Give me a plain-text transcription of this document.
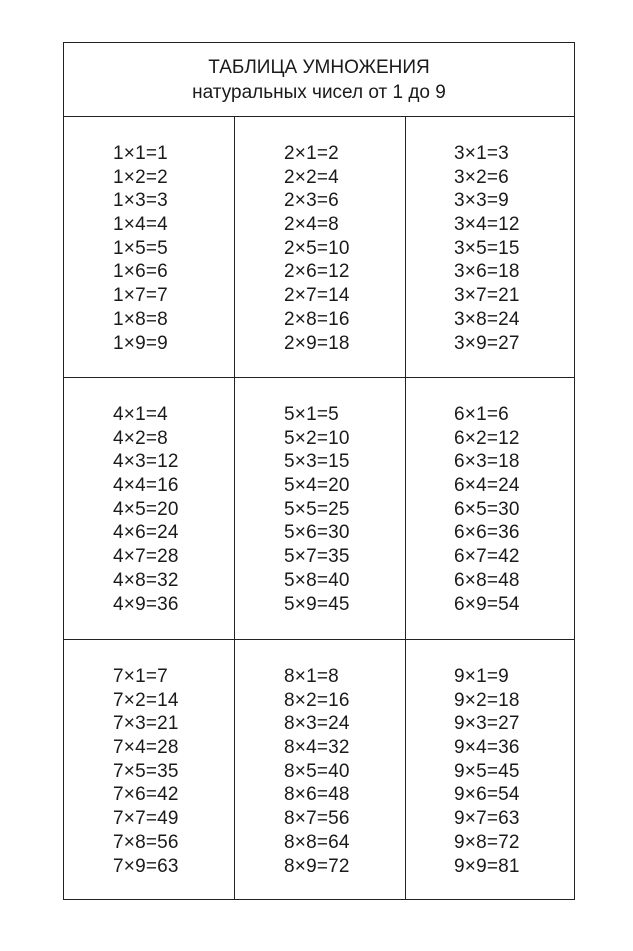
ТАБЛИЦА УМНОЖЕНИЯ
натуральных чисел от 1 до 9
1×1=1
1×2=2
1×3=3
1×4=4
1×5=5
1×6=6
1×7=7
1×8=8
1×9=9
2×1=2
2×2=4
2×3=6
2×4=8
2×5=10
2×6=12
2×7=14
2×8=16
2×9=18
3×1=3
3×2=6
3×3=9
3×4=12
3×5=15
3×6=18
3×7=21
3×8=24
3×9=27
4×1=4
4×2=8
4×3=12
4×4=16
4×5=20
4×6=24
4×7=28
4×8=32
4×9=36
5×1=5
5×2=10
5×3=15
5×4=20
5×5=25
5×6=30
5×7=35
5×8=40
5×9=45
6×1=6
6×2=12
6×3=18
6×4=24
6×5=30
6×6=36
6×7=42
6×8=48
6×9=54
7×1=7
7×2=14
7×3=21
7×4=28
7×5=35
7×6=42
7×7=49
7×8=56
7×9=63
8×1=8
8×2=16
8×3=24
8×4=32
8×5=40
8×6=48
8×7=56
8×8=64
8×9=72
9×1=9
9×2=18
9×3=27
9×4=36
9×5=45
9×6=54
9×7=63
9×8=72
9×9=81
